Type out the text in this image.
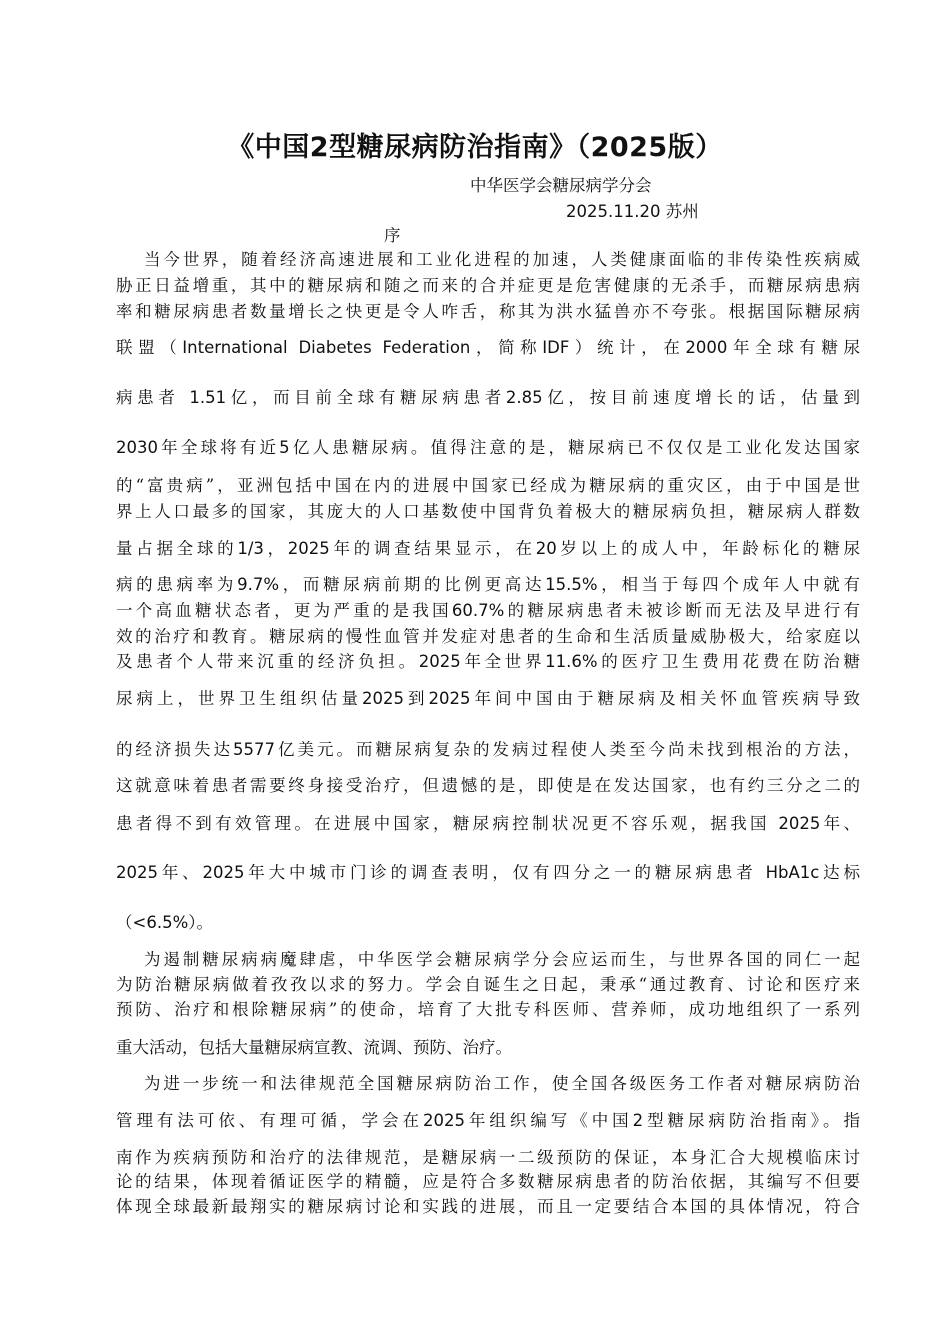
《中国2型糖尿病防治指南》（2025版）
中华医学会糖尿病学分会
2025.11.20 苏州
序
当今世界，随着经济高速进展和工业化进程的加速，人类健康面临的非传染性疾病威
胁正日益增重，其中的糖尿病和随之而来的合并症更是危害健康的无杀手，而糖尿病患病
率和糖尿病患者数量增长之快更是令人咋舌，称其为洪水猛兽亦不夸张。根据国际糖尿病
联盟（International Diabetes Federation，简称IDF）统计，在2000年全球有糖尿
病患者 1.51亿，而目前全球有糖尿病患者2.85亿，按目前速度增长的话，估量到
2030年全球将有近5亿人患糖尿病。值得注意的是，糖尿病已不仅仅是工业化发达国家
的“富贵病”，亚洲包括中国在内的进展中国家已经成为糖尿病的重灾区，由于中国是世
界上人口最多的国家，其庞大的人口基数使中国背负着极大的糖尿病负担，糖尿病人群数
量占据全球的1/3，2025年的调查结果显示，在20岁以上的成人中，年龄标化的糖尿
病的患病率为9.7%，而糖尿病前期的比例更高达15.5%，相当于每四个成年人中就有
一个高血糖状态者，更为严重的是我国60.7%的糖尿病患者未被诊断而无法及早进行有
效的治疗和教育。糖尿病的慢性血管并发症对患者的生命和生活质量威胁极大，给家庭以
及患者个人带来沉重的经济负担。2025年全世界11.6%的医疗卫生费用花费在防治糖
尿病上，世界卫生组织估量2025到2025年间中国由于糖尿病及相关怀血管疾病导致
的经济损失达5577亿美元。而糖尿病复杂的发病过程使人类至今尚未找到根治的方法，
这就意味着患者需要终身接受治疗，但遗憾的是，即使是在发达国家，也有约三分之二的
患者得不到有效管理。在进展中国家，糖尿病控制状况更不容乐观，据我国 2025年、
2025年、2025年大中城市门诊的调查表明，仅有四分之一的糖尿病患者 HbA1c达标
（<6.5%）。
为遏制糖尿病病魔肆虐，中华医学会糖尿病学分会应运而生，与世界各国的同仁一起
为防治糖尿病做着孜孜以求的努力。学会自诞生之日起，秉承“通过教育、讨论和医疗来
预防、治疗和根除糖尿病”的使命，培育了大批专科医师、营养师，成功地组织了一系列
重大活动，包括大量糖尿病宣教、流调、预防、治疗。
为进一步统一和法律规范全国糖尿病防治工作，使全国各级医务工作者对糖尿病防治
管理有法可依、有理可循，学会在2025年组织编写《中国2型糖尿病防治指南》。指
南作为疾病预防和治疗的法律规范，是糖尿病一二级预防的保证，本身汇合大规模临床讨
论的结果，体现着循证医学的精髓，应是符合多数糖尿病患者的防治依据，其编写不但要
体现全球最新最翔实的糖尿病讨论和实践的进展，而且一定要结合本国的具体情况，符合
